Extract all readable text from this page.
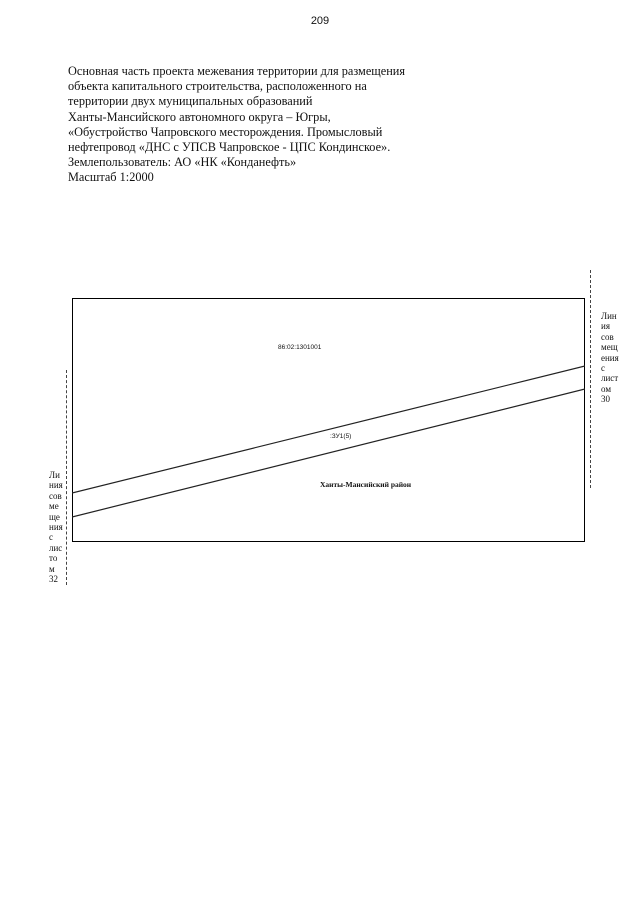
209
Основная часть проекта межевания территории для размещения
объекта капитального строительства, расположенного на
территории двух муниципальных образований
Ханты-Мансийского автономного округа – Югры,
«Обустройство Чапровского месторождения. Промысловый
нефтепровод «ДНС с УПСВ Чапровское - ЦПС Кондинское».
Землепользователь: АО «НК «Конданефть»
Масштаб 1:2000
86:02:1301001
:ЗУ1(5)
Ханты-Мансийский район
Лин
ия
сов
мещ
ения
с
лист
ом
30
Ли
ния
сов
ме
ще
ния
с
лис
то
м
32
